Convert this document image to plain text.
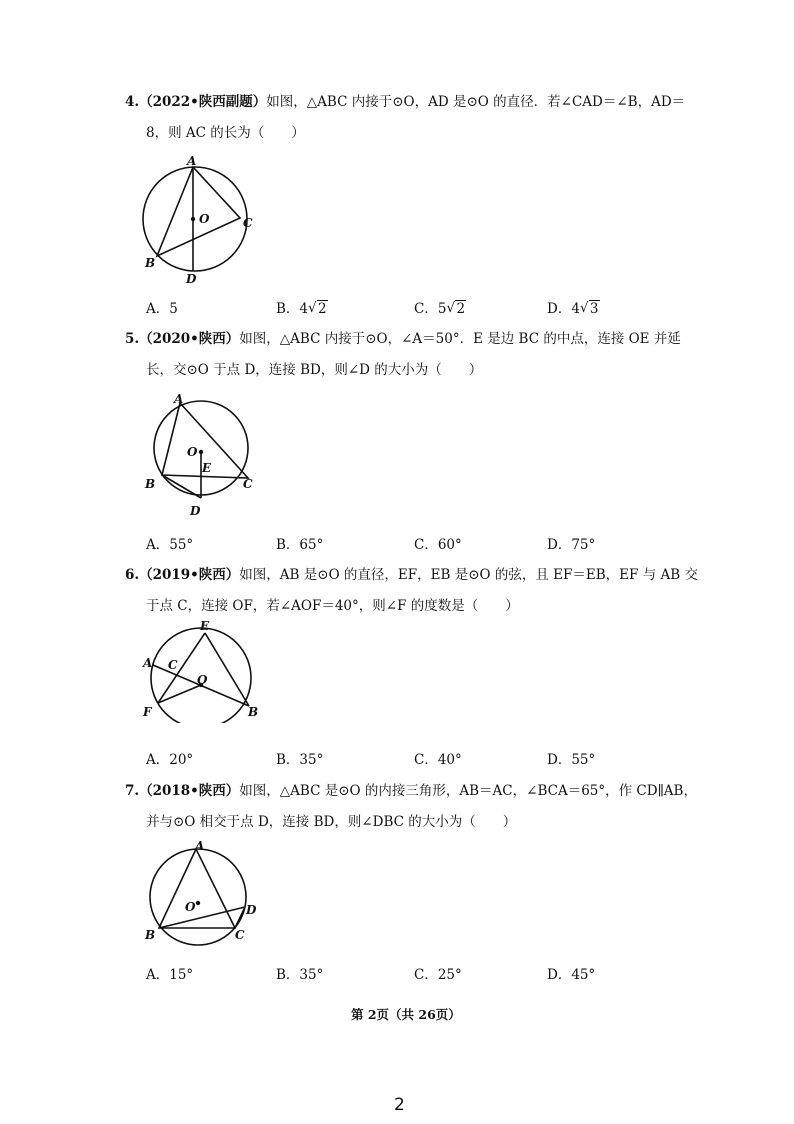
4.（2022•陕西副题）如图，△ABC 内接于⊙O，AD 是⊙O 的直径．若∠CAD＝∠B，AD＝
8，则 AC 的长为（　　）
A
B
C
D
O
A．5	B．4 √ 2	C．5 √ 2	D．4 √ 3
5.（2020•陕西）如图，△ABC 内接于⊙O，∠A＝50°．E 是边 BC 的中点，连接 OE 并延
长，交⊙O 于点 D，连接 BD，则∠D 的大小为（　　）
A
B	C
D
O
E
A．55°	B．65°	C．60°	D．75°
6.（2019•陕西）如图，AB 是⊙O 的直径，EF，EB 是⊙O 的弦，且 EF＝EB，EF 与 AB 交
于点 C，连接 OF，若∠AOF＝40°，则∠F 的度数是（　　）
E
A C
O
F	B
A．20°	B．35°	C．40°	D．55°
7.（2018•陕西）如图，△ABC 是⊙O 的内接三角形，AB＝AC，∠BCA＝65°，作 CD∥AB，
并与⊙O 相交于点 D，连接 BD，则∠DBC 的大小为（　　）
A
B	C
D
O
A．15°	B．35°	C．25°	D．45°
第 2页（共 26页）
2
